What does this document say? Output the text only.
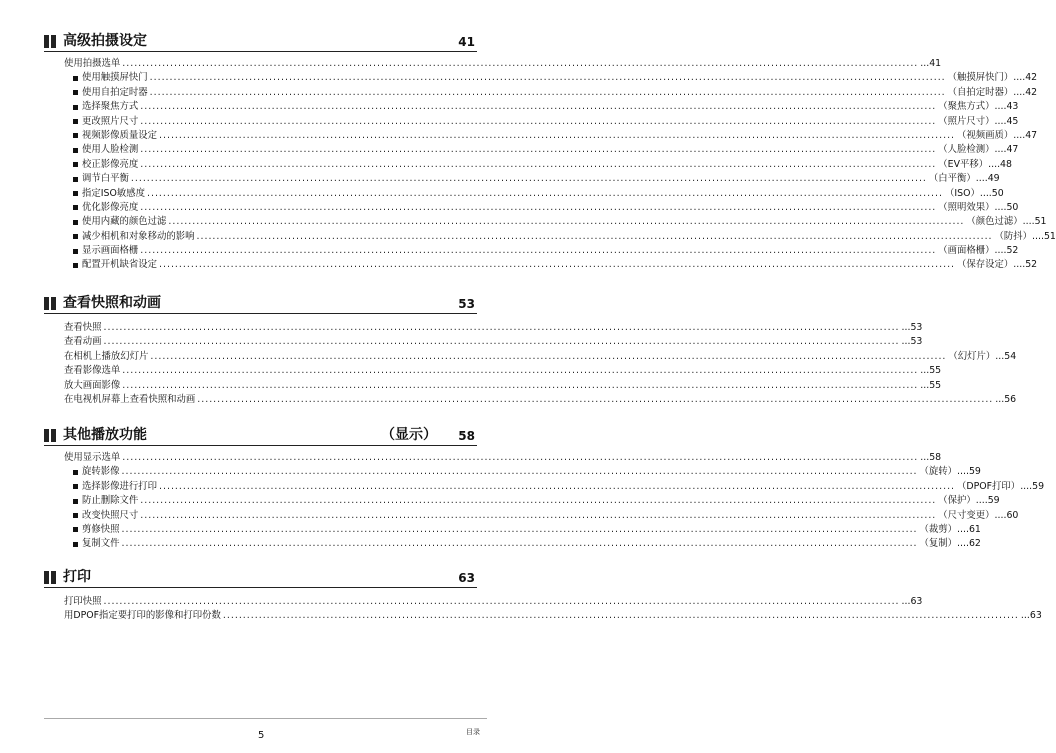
高级拍摄设定	41
使用拍摄选单 ........................................................................................................................................................................................................ ...41
使用触摸屏快门 ........................................................................................................................................................................................................ （触摸屏快门） ....42
使用自拍定时器 ........................................................................................................................................................................................................ （自拍定时器） ....42
选择聚焦方式 ........................................................................................................................................................................................................ （聚焦方式） ....43
更改照片尺寸 ........................................................................................................................................................................................................ （照片尺寸） ....45
视频影像质量设定 ........................................................................................................................................................................................................ （视频画质） ....47
使用人脸检测 ........................................................................................................................................................................................................ （人脸检测） ....47
校正影像亮度 ........................................................................................................................................................................................................ （EV平移） ....48
调节白平衡 ........................................................................................................................................................................................................ （白平衡） ....49
指定ISO敏感度 ........................................................................................................................................................................................................ （ISO） ....50
优化影像亮度 ........................................................................................................................................................................................................ （照明效果） ....50
使用内藏的颜色过滤 ........................................................................................................................................................................................................ （颜色过滤） ....51
减少相机和对象移动的影响 ........................................................................................................................................................................................................ （防抖） ....51
显示画面格栅 ........................................................................................................................................................................................................ （画面格栅） ....52
配置开机缺省设定 ........................................................................................................................................................................................................ （保存设定） ....52
查看快照和动画	53
查看快照 ........................................................................................................................................................................................................ ...53
查看动画 ........................................................................................................................................................................................................ ...53
在相机上播放幻灯片 ........................................................................................................................................................................................................ （幻灯片） ...54
查看影像选单 ........................................................................................................................................................................................................ ...55
放大画面影像 ........................................................................................................................................................................................................ ...55
在电视机屏幕上查看快照和动画 ........................................................................................................................................................................................................ ...56
其他播放功能	（显示） 58
使用显示选单 ........................................................................................................................................................................................................ ...58
旋转影像 ........................................................................................................................................................................................................ （旋转） ....59
选择影像进行打印 ........................................................................................................................................................................................................ （DPOF打印） ....59
防止删除文件 ........................................................................................................................................................................................................ （保护） ....59
改变快照尺寸 ........................................................................................................................................................................................................ （尺寸变更） ....60
剪修快照 ........................................................................................................................................................................................................ （裁剪） ....61
复制文件 ........................................................................................................................................................................................................ （复制） ....62
打印	63
打印快照 ........................................................................................................................................................................................................ ...63
用DPOF指定要打印的影像和打印份数 ........................................................................................................................................................................................................ ...63
5	目录
